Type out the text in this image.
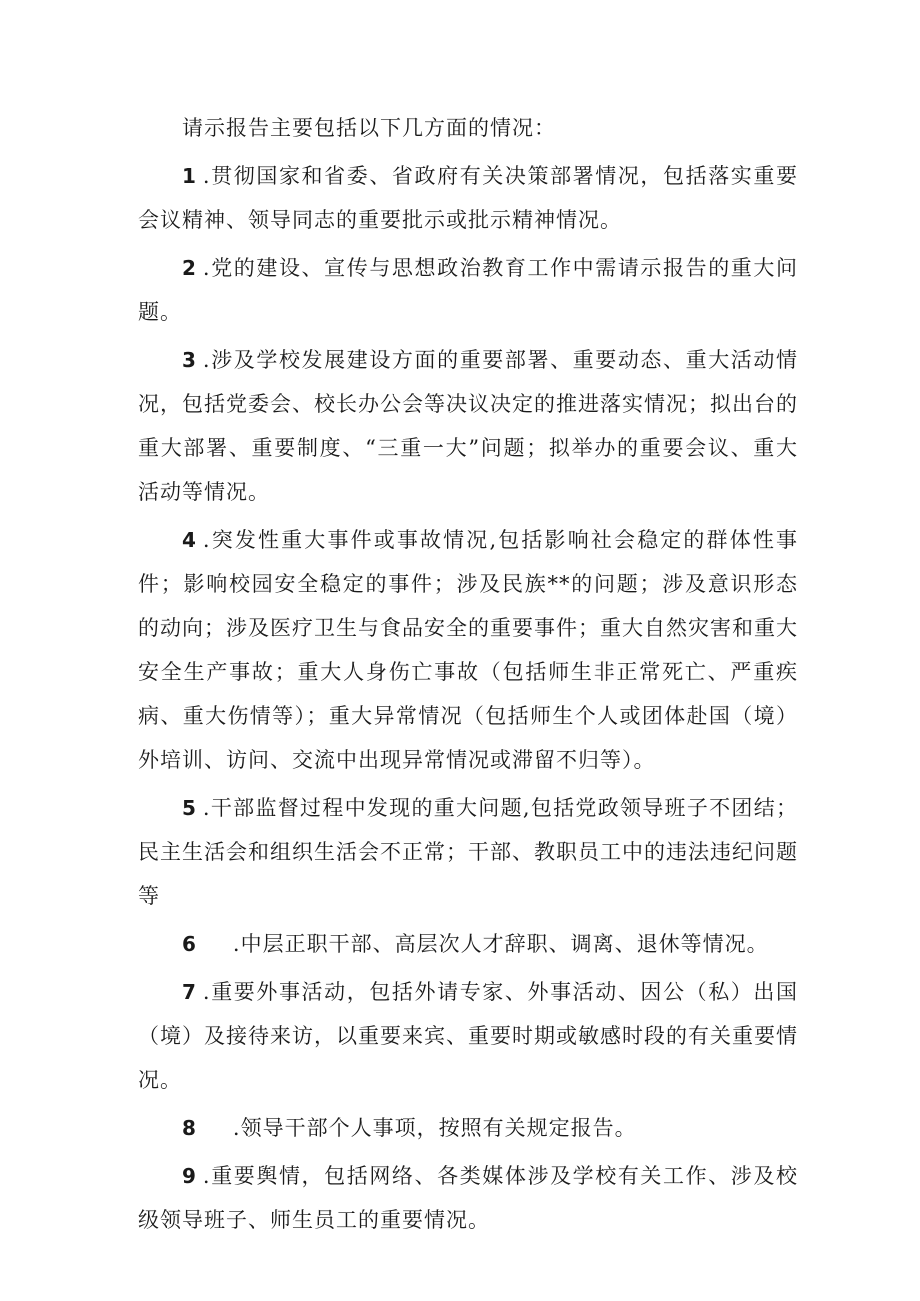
请示报告主要包括以下几方面的情况：

1 .贯彻国家和省委、省政府有关决策部署情况，包括落实重要会议精神、领导同志的重要批示或批示精神情况。

2 .党的建设、宣传与思想政治教育工作中需请示报告的重大问题。

3 .涉及学校发展建设方面的重要部署、重要动态、重大活动情况，包括党委会、校长办公会等决议决定的推进落实情况；拟出台的重大部署、重要制度、“三重一大”问题；拟举办的重要会议、重大活动等情况。

4 .突发性重大事件或事故情况,包括影响社会稳定的群体性事件；影响校园安全稳定的事件；涉及民族**的问题；涉及意识形态的动向；涉及医疗卫生与食品安全的重要事件；重大自然灾害和重大安全生产事故；重大人身伤亡事故（包括师生非正常死亡、严重疾病、重大伤情等）；重大异常情况（包括师生个人或团体赴国（境）外培训、访问、交流中出现异常情况或滞留不归等）。

5 .干部监督过程中发现的重大问题,包括党政领导班子不团结；民主生活会和组织生活会不正常；干部、教职员工中的违法违纪问题等

6 .中层正职干部、高层次人才辞职、调离、退休等情况。

7 .重要外事活动，包括外请专家、外事活动、因公（私）出国（境）及接待来访，以重要来宾、重要时期或敏感时段的有关重要情况。

8 .领导干部个人事项，按照有关规定报告。

9 .重要舆情，包括网络、各类媒体涉及学校有关工作、涉及校级领导班子、师生员工的重要情况。
